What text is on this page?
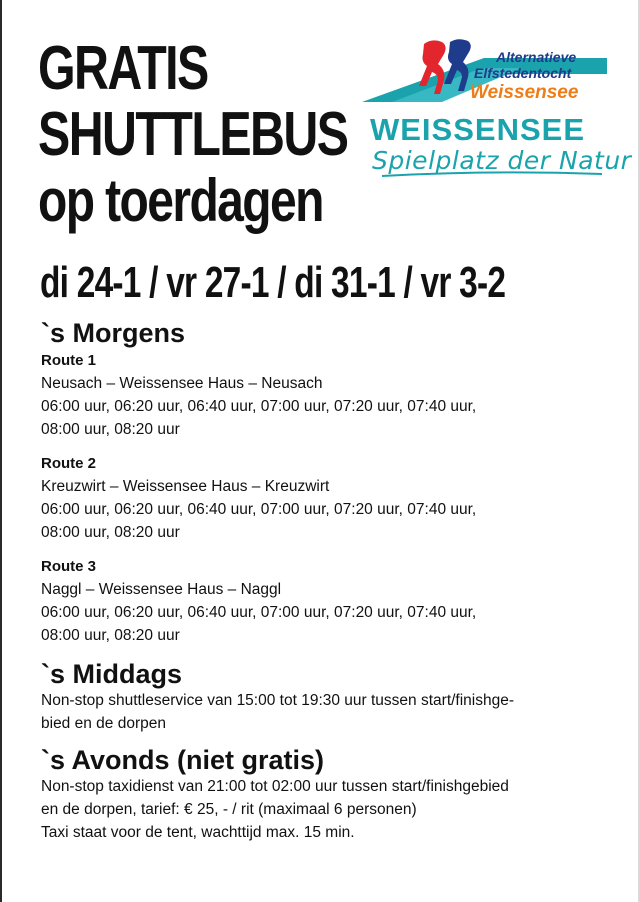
GRATIS
SHUTTLEBUS
op toerdagen
di 24-1 / vr 27-1 / di 31-1 / vr 3-2
Alternatieve
Elfstedentocht
Weissensee
WEISSENSEE
Spielplatz der Natur
`s Morgens
Route 1
Neusach – Weissensee Haus – Neusach
06:00 uur, 06:20 uur, 06:40 uur, 07:00 uur, 07:20 uur, 07:40 uur,
08:00 uur, 08:20 uur
Route 2
Kreuzwirt – Weissensee Haus – Kreuzwirt
06:00 uur, 06:20 uur, 06:40 uur, 07:00 uur, 07:20 uur, 07:40 uur,
08:00 uur, 08:20 uur
Route 3
Naggl – Weissensee Haus – Naggl
06:00 uur, 06:20 uur, 06:40 uur, 07:00 uur, 07:20 uur, 07:40 uur,
08:00 uur, 08:20 uur
`s Middags
Non-stop shuttleservice van 15:00 tot 19:30 uur tussen start/finishge-
bied en de dorpen
`s Avonds (niet gratis)
Non-stop taxidienst van 21:00 tot 02:00 uur tussen start/finishgebied
en de dorpen, tarief: € 25, - / rit (maximaal 6 personen)
Taxi staat voor de tent, wachttijd max. 15 min.
